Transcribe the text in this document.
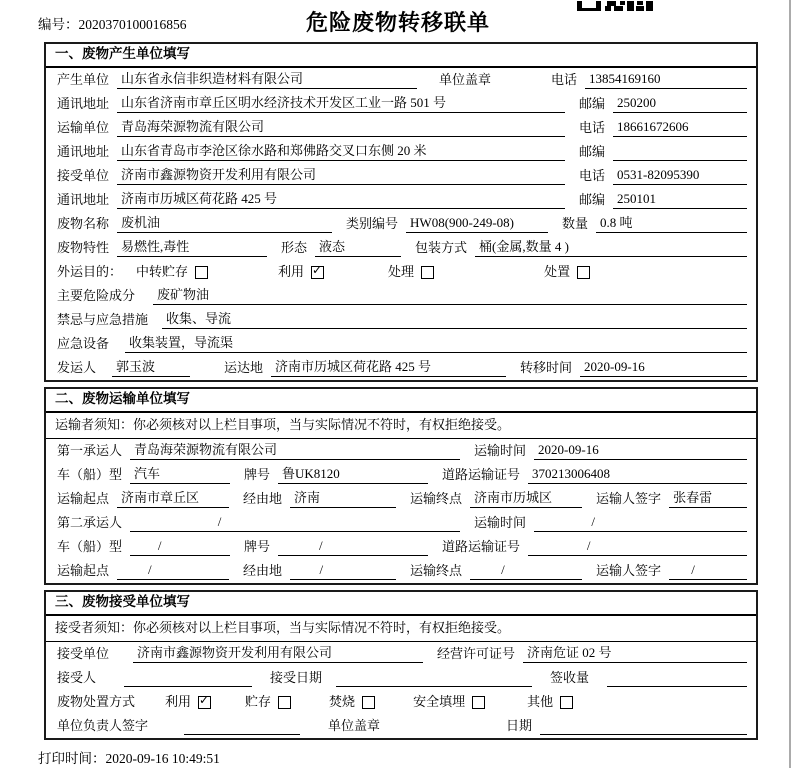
编号：2020370100016856	危险废物转移联单
一、废物产生单位填写
产生单位 山东省永信非织造材料有限公司	单位盖章	电话 13854169160
通讯地址 山东省济南市章丘区明水经济技术开发区工业一路 501 号	邮编 250200
运输单位 青岛海荣源物流有限公司	电话 18661672606
通讯地址 山东省青岛市李沧区徐水路和郑佛路交叉口东侧 20 米	邮编
接受单位 济南市鑫源物资开发利用有限公司	电话 0531-82095390
通讯地址 济南市历城区荷花路 425 号	邮编 250101
废物名称 废机油	类别编号 HW08(900-249-08)	数量 0.8 吨
废物特性 易燃性,毒性	形态 液态	包装方式 桶(金属,数量 4 )
外运目的： 中转贮存	利用 ✓	处理	处置
主要危险成分	废矿物油
禁忌与应急措施	收集、导流
应急设备	收集装置，导流渠
发运人	郭玉波	运达地 济南市历城区荷花路 425 号	转移时间 2020-09-16
二、废物运输单位填写
运输者须知：你必须核对以上栏目事项，当与实际情况不符时，有权拒绝接受。
第一承运人 青岛海荣源物流有限公司	运输时间 2020-09-16
车（船）型 汽车	牌号 鲁UK8120	道路运输证号 370213006408
运输起点 济南市章丘区	经由地 济南	运输终点 济南市历城区	运输人签字 张春雷
第二承运人	/	运输时间	/
车（船）型	/	牌号	/	道路运输证号	/
运输起点	/	经由地	/	运输终点	/	运输人签字	/
三、废物接受单位填写
接受者须知：你必须核对以上栏目事项，当与实际情况不符时，有权拒绝接受。
接受单位	济南市鑫源物资开发利用有限公司	经营许可证号 济南危证 02 号
接受人	接受日期	签收量
废物处置方式 利用 ✓	贮存	焚烧	安全填埋	其他
单位负责人签字	单位盖章	日期
打印时间：2020-09-16 10:49:51
